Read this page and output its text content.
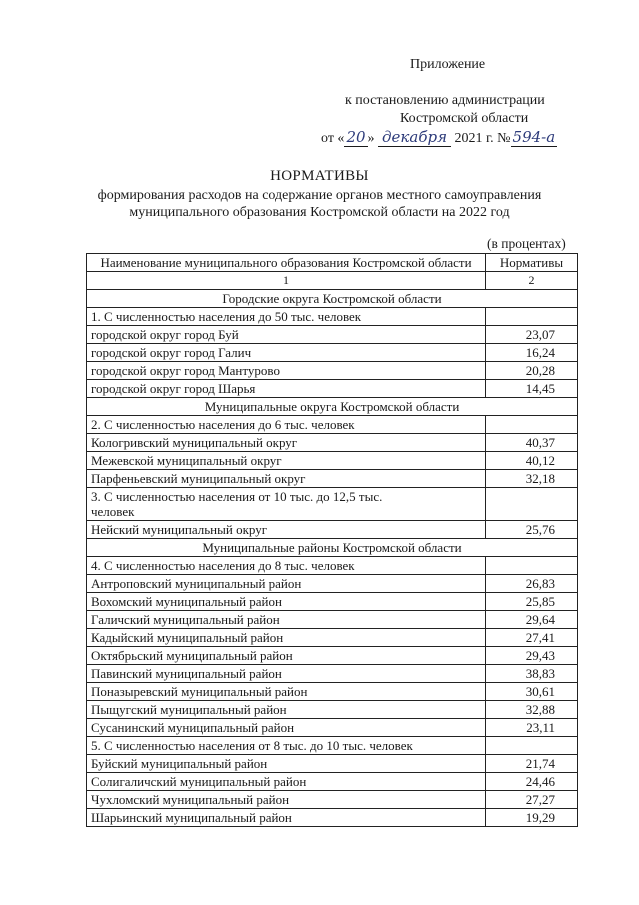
Приложение
к постановлению администрации
Костромской области
от « 20 » декабря 2021 г. № 594-а
НОРМАТИВЫ
формирования расходов на содержание органов местного самоуправления
муниципального образования Костромской области на 2022 год
(в процентах)
Наименование муниципального образования Костромской области	Нормативы
1	2
Городские округа Костромской области	
1. С численностью населения до 50 тыс. человек	
городской округ город Буй	23,07
городской округ город Галич	16,24
городской округ город Мантурово	20,28
городской округ город Шарья	14,45
Муниципальные округа Костромской области	
2. С численностью населения до 6 тыс. человек	
Кологривский муниципальный округ	40,37
Межевской муниципальный округ	40,12
Парфеньевский муниципальный округ	32,18
3. С численностью населения от 10 тыс. до 12,5 тыс.
человек	
Нейский муниципальный округ	25,76
Муниципальные районы Костромской области	
4. С численностью населения до 8 тыс. человек	
Антроповский муниципальный район	26,83
Вохомский муниципальный район	25,85
Галичский муниципальный район	29,64
Кадыйский муниципальный район	27,41
Октябрьский муниципальный район	29,43
Павинский муниципальный район	38,83
Поназыревский муниципальный район	30,61
Пыщугский муниципальный район	32,88
Сусанинский муниципальный район	23,11
5. С численностью населения от 8 тыс. до 10 тыс. человек	
Буйский муниципальный район	21,74
Солигаличский муниципальный район	24,46
Чухломский муниципальный район	27,27
Шарьинский муниципальный район	19,29
